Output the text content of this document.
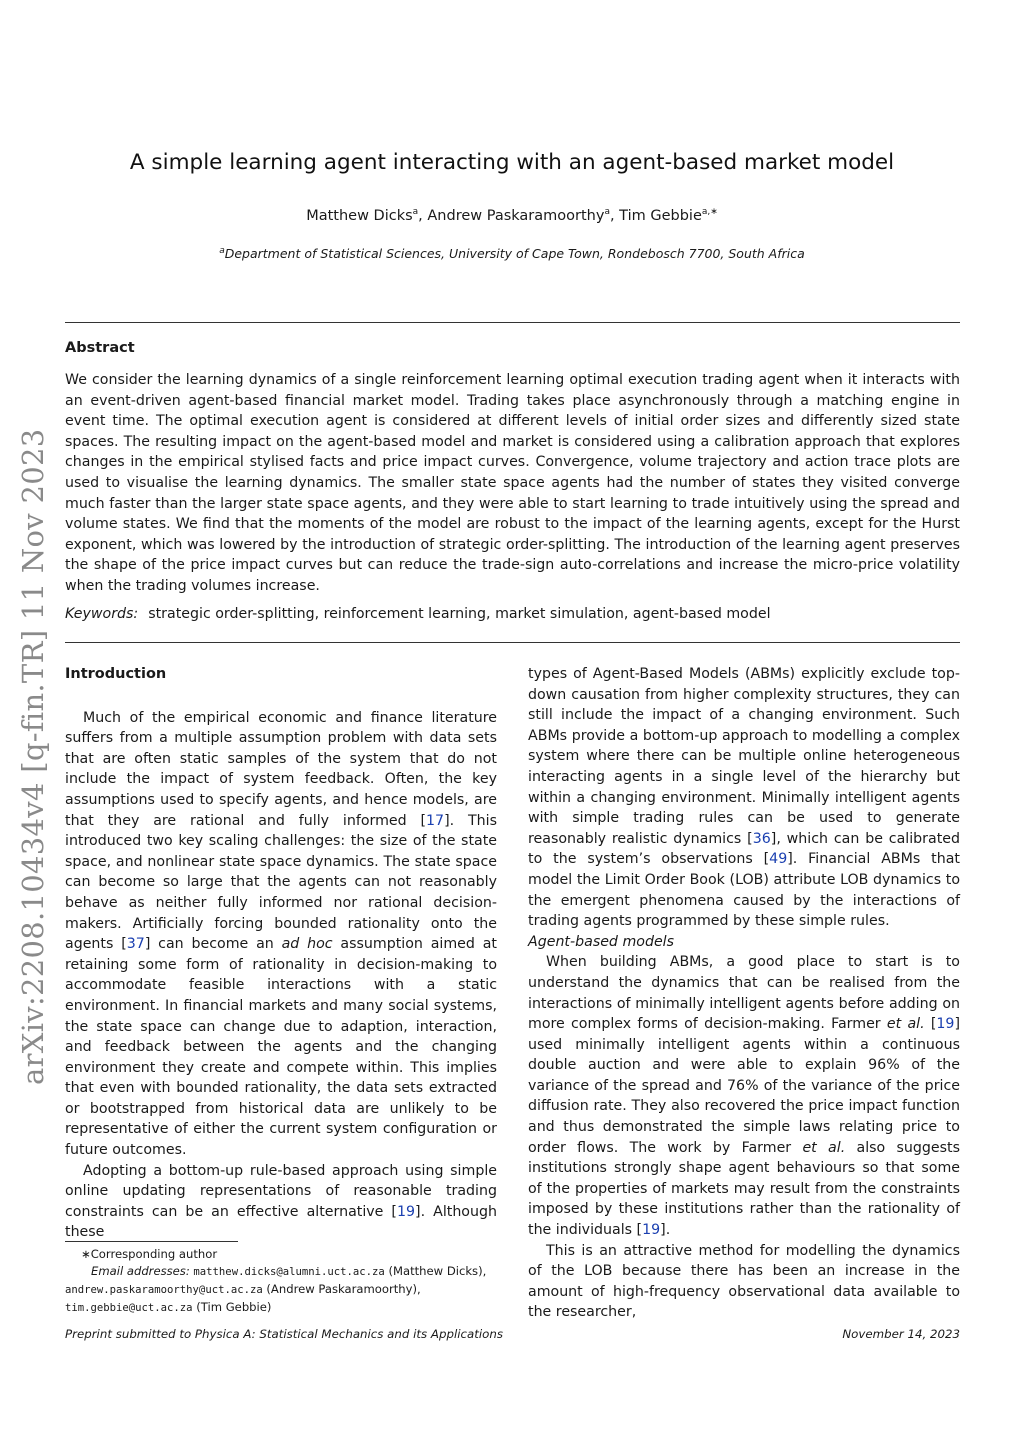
arXiv:2208.10434v4 [q-fin.TR] 11 Nov 2023
A simple learning agent interacting with an agent-based market model
Matthew Dicks$^a$, Andrew Paskaramoorthy$^a$, Tim Gebbie$^{a,∗}$
$^a$Department of Statistical Sciences, University of Cape Town, Rondebosch 7700, South Africa
Abstract
We consider the learning dynamics of a single reinforcement learning optimal execution trading agent when it interacts with an event-driven agent-based financial market model. Trading takes place asynchronously through a matching engine in event time. The optimal execution agent is considered at different levels of initial order sizes and differently sized state spaces. The resulting impact on the agent-based model and market is considered using a calibration approach that explores changes in the empirical stylised facts and price impact curves. Convergence, volume trajectory and action trace plots are used to visualise the learning dynamics. The smaller state space agents had the number of states they visited converge much faster than the larger state space agents, and they were able to start learning to trade intuitively using the spread and volume states. We find that the moments of the model are robust to the impact of the learning agents, except for the Hurst exponent, which was lowered by the introduction of strategic order-splitting. The introduction of the learning agent preserves the shape of the price impact curves but can reduce the trade-sign auto-correlations and increase the micro-price volatility when the trading volumes increase.
Keywords: strategic order-splitting, reinforcement learning, market simulation, agent-based model
Introduction

Much of the empirical economic and finance literature suffers from a multiple assumption problem with data sets that are often static samples of the system that do not include the impact of system feedback. Often, the key assumptions used to specify agents, and hence models, are that they are rational and fully informed [17]. This introduced two key scaling challenges: the size of the state space, and nonlinear state space dynamics. The state space can become so large that the agents can not reasonably behave as neither fully informed nor rational decision-makers. Artificially forcing bounded rationality onto the agents [37] can become an ad hoc assumption aimed at retaining some form of rationality in decision-making to accommodate feasible interactions with a static environment. In financial markets and many social systems, the state space can change due to adaption, interaction, and feedback between the agents and the changing environment they create and compete within. This implies that even with bounded rationality, the data sets extracted or bootstrapped from historical data are unlikely to be representative of either the current system configuration or future outcomes.

Adopting a bottom-up rule-based approach using simple online updating representations of reasonable trading constraints can be an effective alternative [19]. Although these

types of Agent-Based Models (ABMs) explicitly exclude top-down causation from higher complexity structures, they can still include the impact of a changing environment. Such ABMs provide a bottom-up approach to modelling a complex system where there can be multiple online heterogeneous interacting agents in a single level of the hierarchy but within a changing environment. Minimally intelligent agents with simple trading rules can be used to generate reasonably realistic dynamics [36], which can be calibrated to the system’s observations [49]. Financial ABMs that model the Limit Order Book (LOB) attribute LOB dynamics to the emergent phenomena caused by the interactions of trading agents programmed by these simple rules.

Agent-based models

When building ABMs, a good place to start is to understand the dynamics that can be realised from the interactions of minimally intelligent agents before adding on more complex forms of decision-making. Farmer et al. [19] used minimally intelligent agents within a continuous double auction and were able to explain 96% of the variance of the spread and 76% of the variance of the price diffusion rate. They also recovered the price impact function and thus demonstrated the simple laws relating price to order flows. The work by Farmer et al. also suggests institutions strongly shape agent behaviours so that some of the properties of markets may result from the constraints imposed by these institutions rather than the rationality of the individuals [19].

This is an attractive method for modelling the dynamics of the LOB because there has been an increase in the amount of high-frequency observational data available to the researcher,

∗Corresponding author
Email addresses: matthew.dicks@alumni.uct.ac.za (Matthew Dicks), andrew.paskaramoorthy@uct.ac.za (Andrew Paskaramoorthy), tim.gebbie@uct.ac.za (Tim Gebbie)
Preprint submitted to Physica A: Statistical Mechanics and its Applications	November 14, 2023
